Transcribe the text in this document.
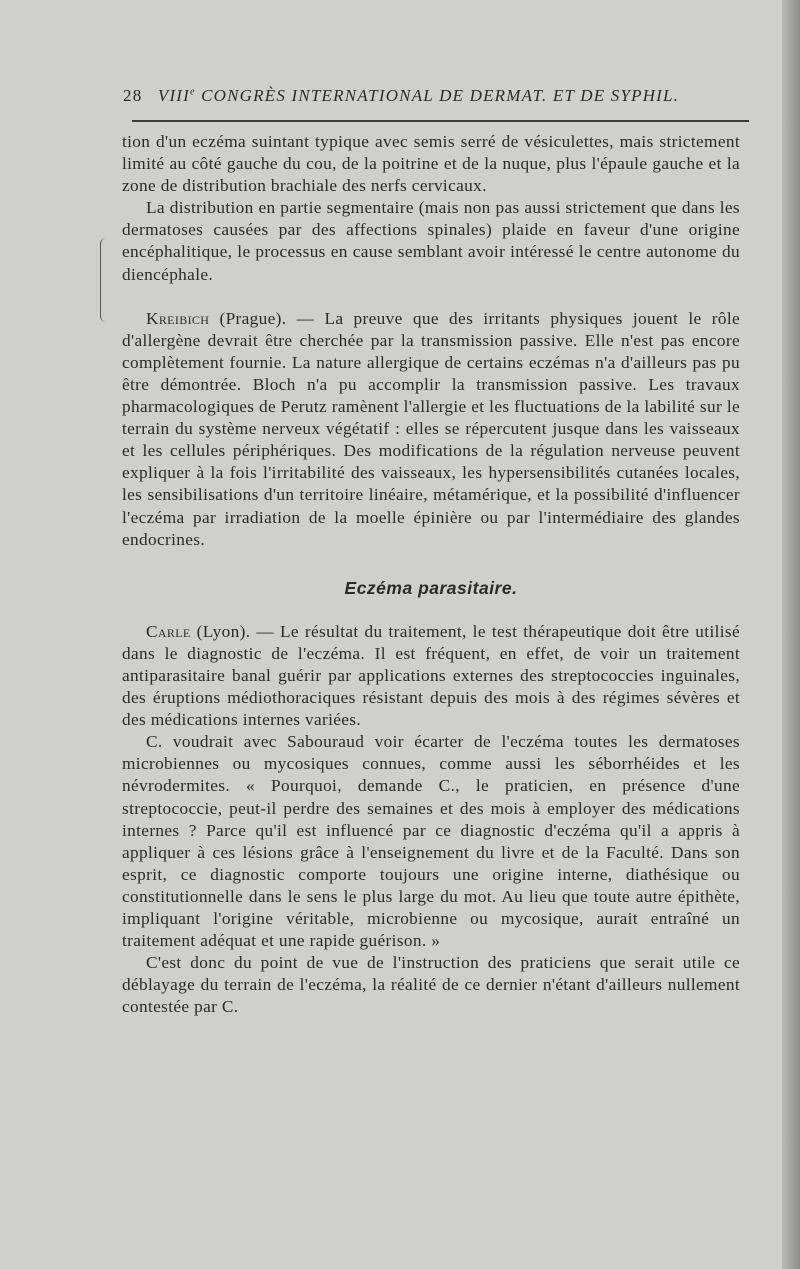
28 VIIIe CONGRÈS INTERNATIONAL DE DERMAT. ET DE SYPHIL.

tion d'un eczéma suintant typique avec semis serré de vésiculettes, mais strictement limité au côté gauche du cou, de la poitrine et de la nuque, plus l'épaule gauche et la zone de distribution brachiale des nerfs cervicaux.

La distribution en partie segmentaire (mais non pas aussi strictement que dans les dermatoses causées par des affections spinales) plaide en faveur d'une origine encéphalitique, le processus en cause semblant avoir intéressé le centre autonome du diencéphale.

Kreibich (Prague). — La preuve que des irritants physiques jouent le rôle d'allergène devrait être cherchée par la transmission passive. Elle n'est pas encore complètement fournie. La nature allergique de certains eczémas n'a d'ailleurs pas pu être démontrée. Bloch n'a pu accomplir la transmission passive. Les travaux pharmacologiques de Perutz ramènent l'allergie et les fluctuations de la labilité sur le terrain du système nerveux végétatif : elles se répercutent jusque dans les vaisseaux et les cellules périphériques. Des modifications de la régulation nerveuse peuvent expliquer à la fois l'irritabilité des vaisseaux, les hypersensibilités cutanées locales, les sensibilisations d'un territoire linéaire, métamérique, et la possibilité d'influencer l'eczéma par irradiation de la moelle épinière ou par l'intermédiaire des glandes endocrines.

Eczéma parasitaire.

Carle (Lyon). — Le résultat du traitement, le test thérapeutique doit être utilisé dans le diagnostic de l'eczéma. Il est fréquent, en effet, de voir un traitement antiparasitaire banal guérir par applications externes des streptococcies inguinales, des éruptions médiothoraciques résistant depuis des mois à des régimes sévères et des médications internes variées.

C. voudrait avec Sabouraud voir écarter de l'eczéma toutes les dermatoses microbiennes ou mycosiques connues, comme aussi les séborrhéides et les névrodermites. « Pourquoi, demande C., le praticien, en présence d'une streptococcie, peut-il perdre des semaines et des mois à employer des médications internes ? Parce qu'il est influencé par ce diagnostic d'eczéma qu'il a appris à appliquer à ces lésions grâce à l'enseignement du livre et de la Faculté. Dans son esprit, ce diagnostic comporte toujours une origine interne, diathésique ou constitutionnelle dans le sens le plus large du mot. Au lieu que toute autre épithète, impliquant l'origine véritable, microbienne ou mycosique, aurait entraîné un traitement adéquat et une rapide guérison. »

C'est donc du point de vue de l'instruction des praticiens que serait utile ce déblayage du terrain de l'eczéma, la réalité de ce dernier n'étant d'ailleurs nullement contestée par C.
